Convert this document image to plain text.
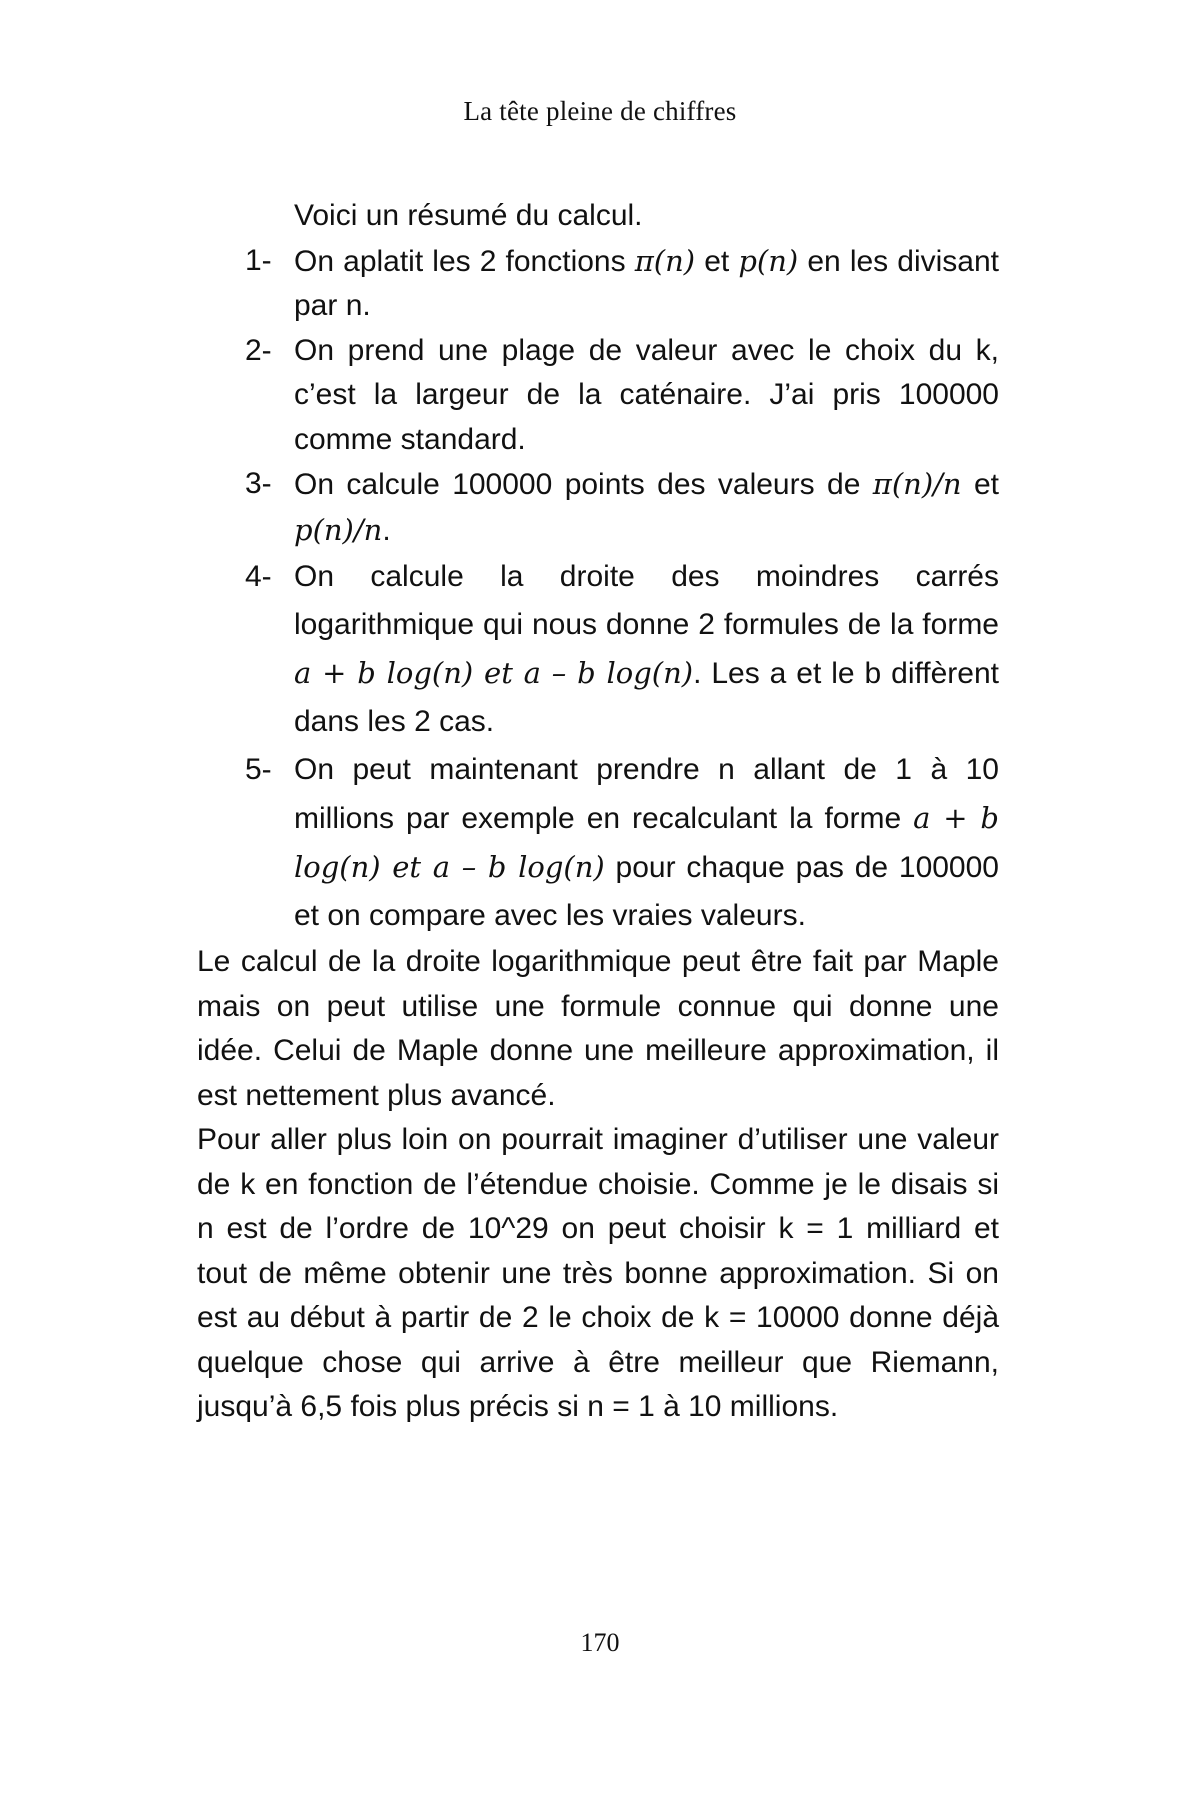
La tête pleine de chiffres

Voici un résumé du calcul.

1- On aplatit les 2 fonctions π(n) et p(n) en les divisant par n.
2- On prend une plage de valeur avec le choix du k, c’est la largeur de la caténaire. J’ai pris 100000 comme standard.
3- On calcule 100000 points des valeurs de π(n)/n et p(n)/n.
4- On calcule la droite des moindres carrés logarithmique qui nous donne 2 formules de la forme a + b log(n) et a – b log(n). Les a et le b diffèrent dans les 2 cas.
5- On peut maintenant prendre n allant de 1 à 10 millions par exemple en recalculant la forme a + b log(n) et a – b log(n) pour chaque pas de 100000 et on compare avec les vraies valeurs.

Le calcul de la droite logarithmique peut être fait par Maple mais on peut utilise une formule connue qui donne une idée. Celui de Maple donne une meilleure approximation, il est nettement plus avancé.

Pour aller plus loin on pourrait imaginer d’utiliser une valeur de k en fonction de l’étendue choisie. Comme je le disais si n est de l’ordre de 10^29 on peut choisir k = 1 milliard et tout de même obtenir une très bonne approximation. Si on est au début à partir de 2 le choix de k = 10000 donne déjà quelque chose qui arrive à être meilleur que Riemann, jusqu’à 6,5 fois plus précis si n = 1 à 10 millions.

170
